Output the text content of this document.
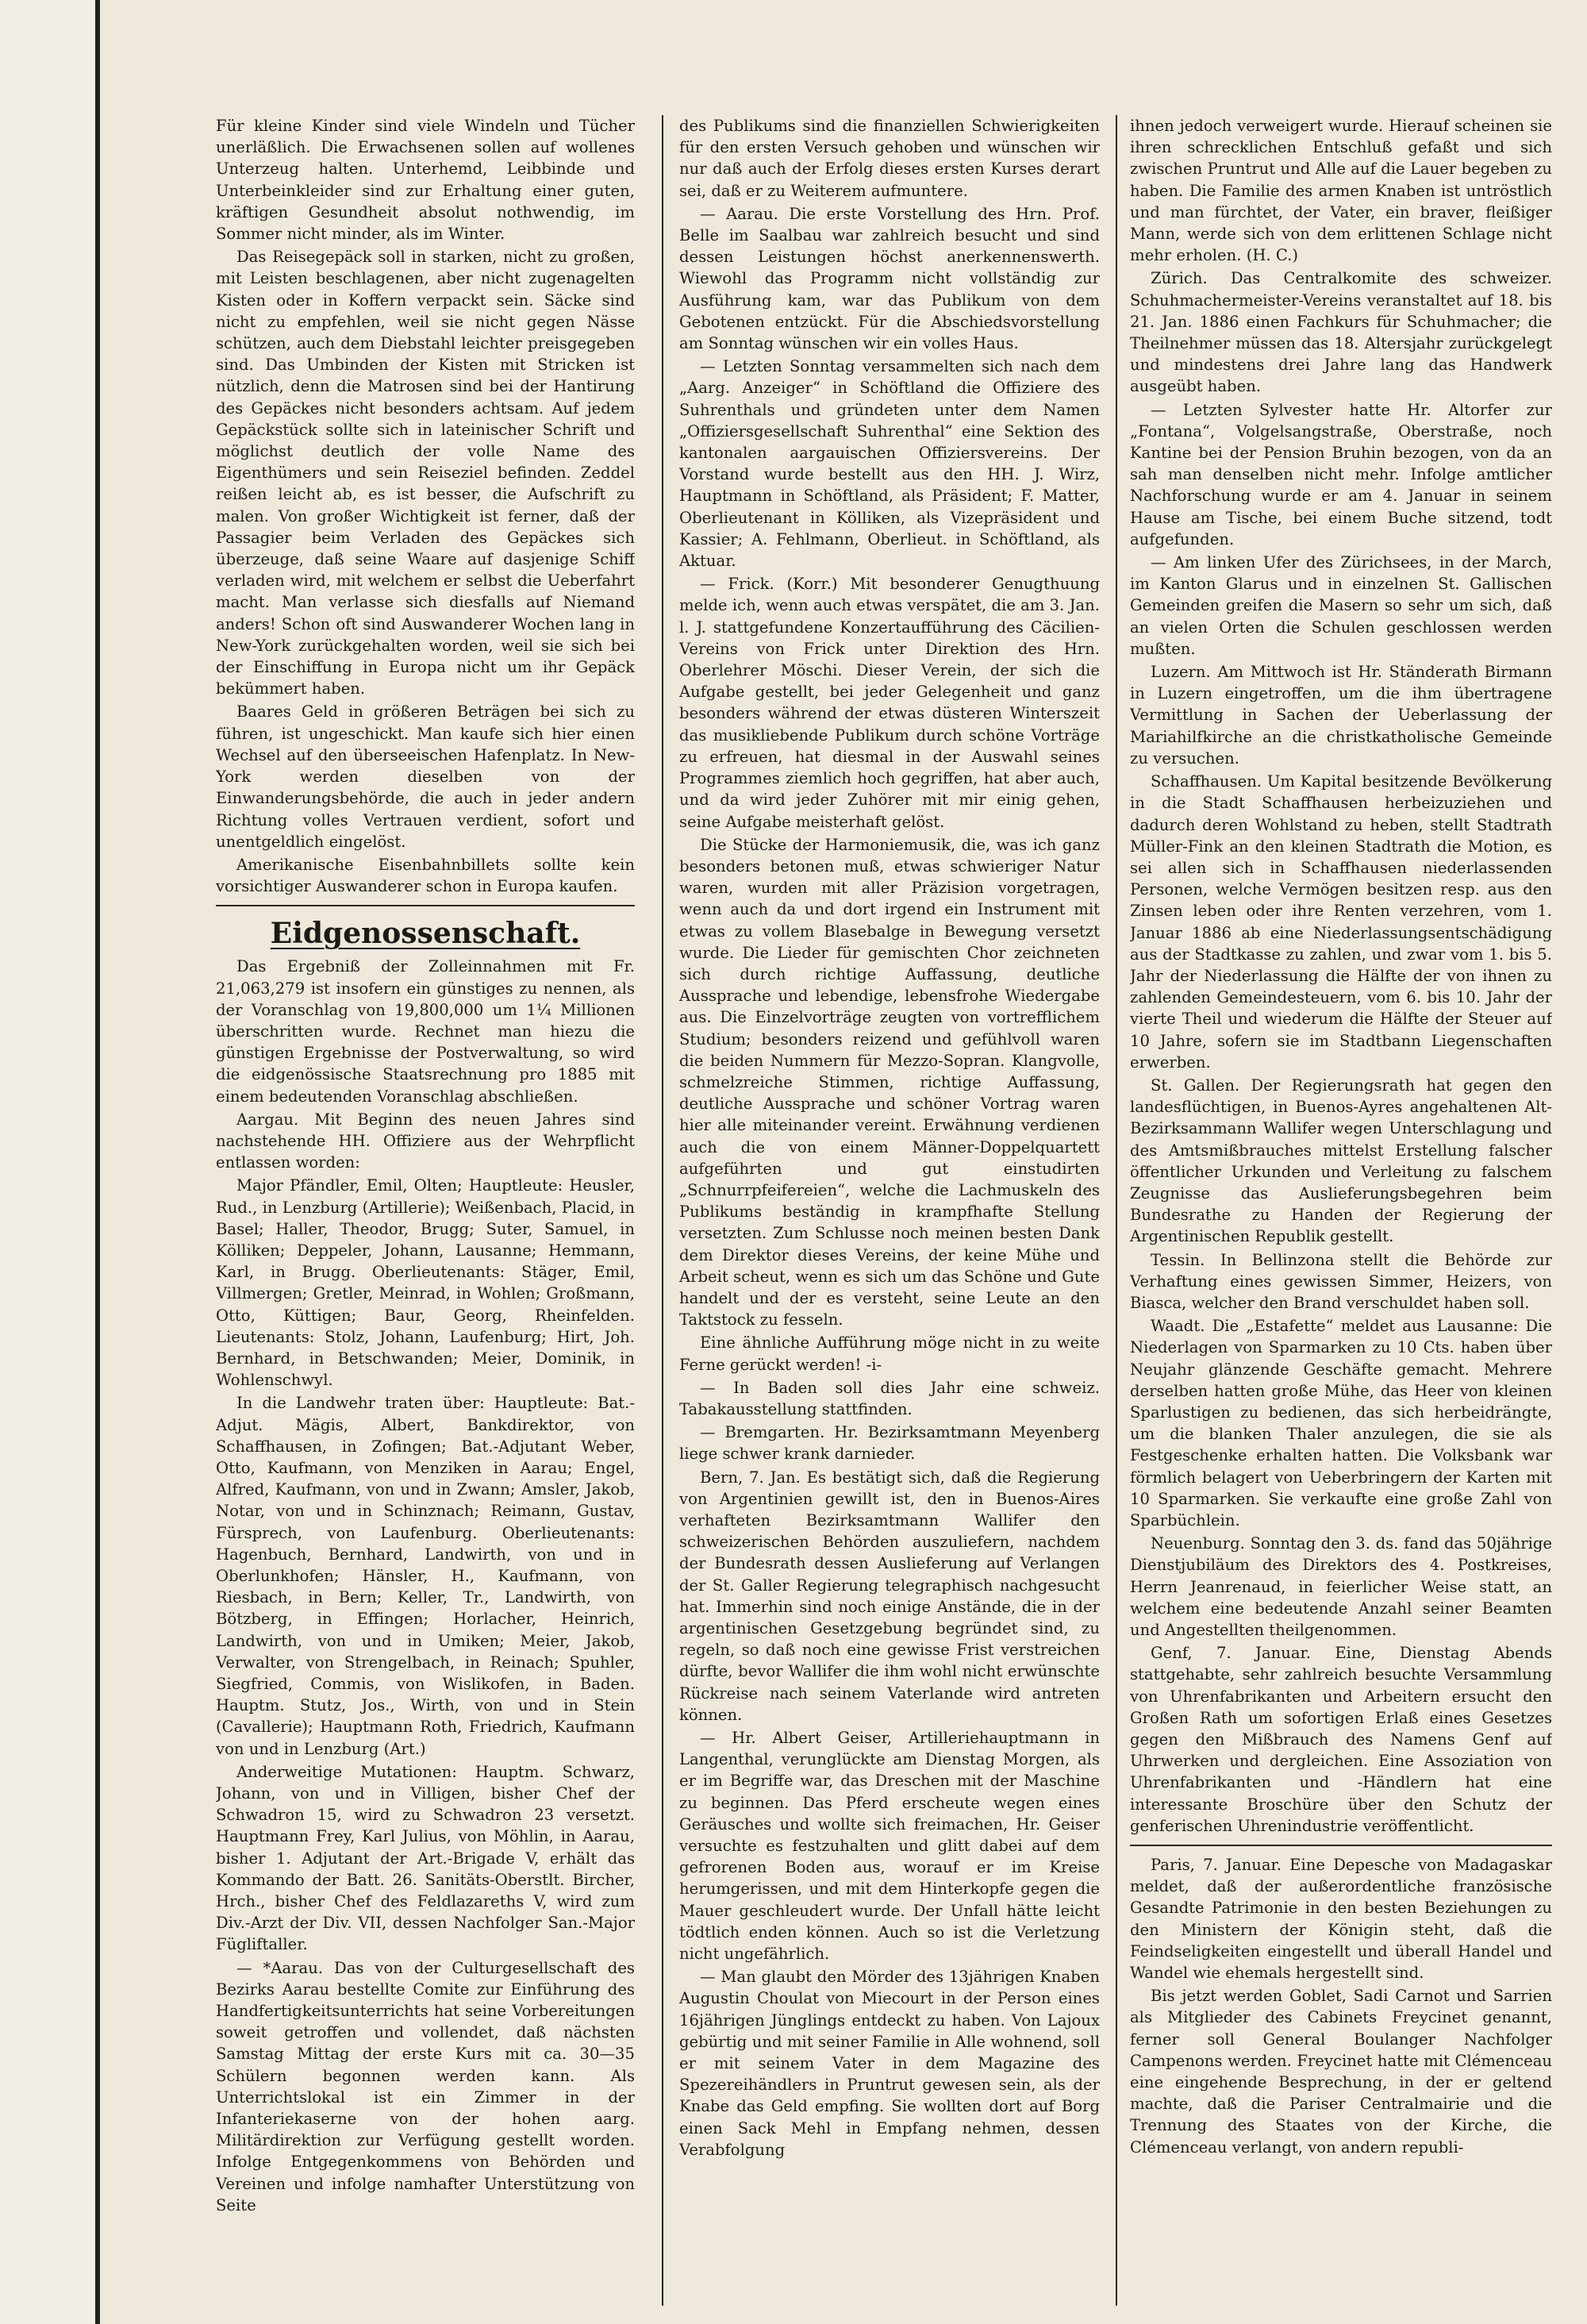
Für kleine Kinder sind viele Windeln und Tücher unerläßlich. Die Erwachsenen sollen auf wollenes Unterzeug halten. Unterhemd, Leibbinde und Unterbeinkleider sind zur Erhaltung einer guten, kräftigen Gesundheit absolut nothwendig, im Sommer nicht minder, als im Winter.

Das Reisegepäck soll in starken, nicht zu großen, mit Leisten beschlagenen, aber nicht zugenagelten Kisten oder in Koffern verpackt sein. Säcke sind nicht zu empfehlen, weil sie nicht gegen Nässe schützen, auch dem Diebstahl leichter preisgegeben sind. Das Umbinden der Kisten mit Stricken ist nützlich, denn die Matrosen sind bei der Hantirung des Gepäckes nicht besonders achtsam. Auf jedem Gepäckstück sollte sich in lateinischer Schrift und möglichst deutlich der volle Name des Eigenthümers und sein Reiseziel befinden. Zeddel reißen leicht ab, es ist besser, die Aufschrift zu malen. Von großer Wichtigkeit ist ferner, daß der Passagier beim Verladen des Gepäckes sich überzeuge, daß seine Waare auf dasjenige Schiff verladen wird, mit welchem er selbst die Ueberfahrt macht. Man verlasse sich diesfalls auf Niemand anders! Schon oft sind Auswanderer Wochen lang in New-York zurückgehalten worden, weil sie sich bei der Einschiffung in Europa nicht um ihr Gepäck bekümmert haben.

Baares Geld in größeren Beträgen bei sich zu führen, ist ungeschickt. Man kaufe sich hier einen Wechsel auf den überseeischen Hafenplatz. In New-York werden dieselben von der Einwanderungsbehörde, die auch in jeder andern Richtung volles Vertrauen verdient, sofort und unentgeldlich eingelöst.

Amerikanische Eisenbahnbillets sollte kein vorsichtiger Auswanderer schon in Europa kaufen.

Eidgenossenschaft.

Das Ergebniß der Zolleinnahmen mit Fr. 21,063,279 ist insofern ein günstiges zu nennen, als der Voranschlag von 19,800,000 um 1¼ Millionen überschritten wurde. Rechnet man hiezu die günstigen Ergebnisse der Postverwaltung, so wird die eidgenössische Staatsrechnung pro 1885 mit einem bedeutenden Voranschlag abschließen.

Aargau. Mit Beginn des neuen Jahres sind nachstehende HH. Offiziere aus der Wehrpflicht entlassen worden:

Major Pfändler, Emil, Olten; Hauptleute: Heusler, Rud., in Lenzburg (Artillerie); Weißenbach, Placid, in Basel; Haller, Theodor, Brugg; Suter, Samuel, in Kölliken; Deppeler, Johann, Lausanne; Hemmann, Karl, in Brugg. Oberlieutenants: Stäger, Emil, Villmergen; Gretler, Meinrad, in Wohlen; Großmann, Otto, Küttigen; Baur, Georg, Rheinfelden. Lieutenants: Stolz, Johann, Laufenburg; Hirt, Joh. Bernhard, in Betschwanden; Meier, Dominik, in Wohlenschwyl.

In die Landwehr traten über: Hauptleute: Bat.-Adjut. Mägis, Albert, Bankdirektor, von Schaffhausen, in Zofingen; Bat.-Adjutant Weber, Otto, Kaufmann, von Menziken in Aarau; Engel, Alfred, Kaufmann, von und in Zwann; Amsler, Jakob, Notar, von und in Schinznach; Reimann, Gustav, Fürsprech, von Laufenburg. Oberlieutenants: Hagenbuch, Bernhard, Landwirth, von und in Oberlunkhofen; Hänsler, H., Kaufmann, von Riesbach, in Bern; Keller, Tr., Landwirth, von Bötzberg, in Effingen; Horlacher, Heinrich, Landwirth, von und in Umiken; Meier, Jakob, Verwalter, von Strengelbach, in Reinach; Spuhler, Siegfried, Commis, von Wislikofen, in Baden. Hauptm. Stutz, Jos., Wirth, von und in Stein (Cavallerie); Hauptmann Roth, Friedrich, Kaufmann von und in Lenzburg (Art.)

Anderweitige Mutationen: Hauptm. Schwarz, Johann, von und in Villigen, bisher Chef der Schwadron 15, wird zu Schwadron 23 versetzt. Hauptmann Frey, Karl Julius, von Möhlin, in Aarau, bisher 1. Adjutant der Art.-Brigade V, erhält das Kommando der Batt. 26. Sanitäts-Oberstlt. Bircher, Hrch., bisher Chef des Feldlazareths V, wird zum Div.-Arzt der Div. VII, dessen Nachfolger San.-Major Fügliftaller.

— *Aarau. Das von der Culturgesellschaft des Bezirks Aarau bestellte Comite zur Einführung des Handfertigkeitsunterrichts hat seine Vorbereitungen soweit getroffen und vollendet, daß nächsten Samstag Mittag der erste Kurs mit ca. 30—35 Schülern begonnen werden kann. Als Unterrichtslokal ist ein Zimmer in der Infanteriekaserne von der hohen aarg. Militärdirektion zur Verfügung gestellt worden. Infolge Entgegenkommens von Behörden und Vereinen und infolge namhafter Unterstützung von Seite

des Publikums sind die finanziellen Schwierigkeiten für den ersten Versuch gehoben und wünschen wir nur daß auch der Erfolg dieses ersten Kurses derart sei, daß er zu Weiterem aufmuntere.

— Aarau. Die erste Vorstellung des Hrn. Prof. Belle im Saalbau war zahlreich besucht und sind dessen Leistungen höchst anerkennenswerth. Wiewohl das Programm nicht vollständig zur Ausführung kam, war das Publikum von dem Gebotenen entzückt. Für die Abschiedsvorstellung am Sonntag wünschen wir ein volles Haus.

— Letzten Sonntag versammelten sich nach dem „Aarg. Anzeiger“ in Schöftland die Offiziere des Suhrenthals und gründeten unter dem Namen „Offiziersgesellschaft Suhrenthal“ eine Sektion des kantonalen aargauischen Offiziersvereins. Der Vorstand wurde bestellt aus den HH. J. Wirz, Hauptmann in Schöftland, als Präsident; F. Matter, Oberlieutenant in Kölliken, als Vizepräsident und Kassier; A. Fehlmann, Oberlieut. in Schöftland, als Aktuar.

— Frick. (Korr.) Mit besonderer Genugthuung melde ich, wenn auch etwas verspätet, die am 3. Jan. l. J. stattgefundene Konzertaufführung des Cäcilien-Vereins von Frick unter Direktion des Hrn. Oberlehrer Möschi. Dieser Verein, der sich die Aufgabe gestellt, bei jeder Gelegenheit und ganz besonders während der etwas düsteren Winterszeit das musikliebende Publikum durch schöne Vorträge zu erfreuen, hat diesmal in der Auswahl seines Programmes ziemlich hoch gegriffen, hat aber auch, und da wird jeder Zuhörer mit mir einig gehen, seine Aufgabe meisterhaft gelöst.

Die Stücke der Harmoniemusik, die, was ich ganz besonders betonen muß, etwas schwieriger Natur waren, wurden mit aller Präzision vorgetragen, wenn auch da und dort irgend ein Instrument mit etwas zu vollem Blasebalge in Bewegung versetzt wurde. Die Lieder für gemischten Chor zeichneten sich durch richtige Auffassung, deutliche Aussprache und lebendige, lebensfrohe Wiedergabe aus. Die Einzelvorträge zeugten von vortrefflichem Studium; besonders reizend und gefühlvoll waren die beiden Nummern für Mezzo-Sopran. Klangvolle, schmelzreiche Stimmen, richtige Auffassung, deutliche Aussprache und schöner Vortrag waren hier alle miteinander vereint. Erwähnung verdienen auch die von einem Männer-Doppelquartett aufgeführten und gut einstudirten „Schnurrpfeifereien“, welche die Lachmuskeln des Publikums beständig in krampfhafte Stellung versetzten. Zum Schlusse noch meinen besten Dank dem Direktor dieses Vereins, der keine Mühe und Arbeit scheut, wenn es sich um das Schöne und Gute handelt und der es versteht, seine Leute an den Taktstock zu fesseln.

Eine ähnliche Aufführung möge nicht in zu weite Ferne gerückt werden! -i-

— In Baden soll dies Jahr eine schweiz. Tabakausstellung stattfinden.

— Bremgarten. Hr. Bezirksamtmann Meyenberg liege schwer krank darnieder.

Bern, 7. Jan. Es bestätigt sich, daß die Regierung von Argentinien gewillt ist, den in Buenos-Aires verhafteten Bezirksamtmann Wallifer den schweizerischen Behörden auszuliefern, nachdem der Bundesrath dessen Auslieferung auf Verlangen der St. Galler Regierung telegraphisch nachgesucht hat. Immerhin sind noch einige Anstände, die in der argentinischen Gesetzgebung begründet sind, zu regeln, so daß noch eine gewisse Frist verstreichen dürfte, bevor Wallifer die ihm wohl nicht erwünschte Rückreise nach seinem Vaterlande wird antreten können.

— Hr. Albert Geiser, Artilleriehauptmann in Langenthal, verunglückte am Dienstag Morgen, als er im Begriffe war, das Dreschen mit der Maschine zu beginnen. Das Pferd erscheute wegen eines Geräusches und wollte sich freimachen, Hr. Geiser versuchte es festzuhalten und glitt dabei auf dem gefrorenen Boden aus, worauf er im Kreise herumgerissen, und mit dem Hinterkopfe gegen die Mauer geschleudert wurde. Der Unfall hätte leicht tödtlich enden können. Auch so ist die Verletzung nicht ungefährlich.

— Man glaubt den Mörder des 13jährigen Knaben Augustin Choulat von Miecourt in der Person eines 16jährigen Jünglings entdeckt zu haben. Von Lajoux gebürtig und mit seiner Familie in Alle wohnend, soll er mit seinem Vater in dem Magazine des Spezereihändlers in Pruntrut gewesen sein, als der Knabe das Geld empfing. Sie wollten dort auf Borg einen Sack Mehl in Empfang nehmen, dessen Verabfolgung

ihnen jedoch verweigert wurde. Hierauf scheinen sie ihren schrecklichen Entschluß gefaßt und sich zwischen Pruntrut und Alle auf die Lauer begeben zu haben. Die Familie des armen Knaben ist untröstlich und man fürchtet, der Vater, ein braver, fleißiger Mann, werde sich von dem erlittenen Schlage nicht mehr erholen. (H. C.)

Zürich. Das Centralkomite des schweizer. Schuhmachermeister-Vereins veranstaltet auf 18. bis 21. Jan. 1886 einen Fachkurs für Schuhmacher; die Theilnehmer müssen das 18. Altersjahr zurückgelegt und mindestens drei Jahre lang das Handwerk ausgeübt haben.

— Letzten Sylvester hatte Hr. Altorfer zur „Fontana“, Volgelsangstraße, Oberstraße, noch Kantine bei der Pension Bruhin bezogen, von da an sah man denselben nicht mehr. Infolge amtlicher Nachforschung wurde er am 4. Januar in seinem Hause am Tische, bei einem Buche sitzend, todt aufgefunden.

— Am linken Ufer des Zürichsees, in der March, im Kanton Glarus und in einzelnen St. Gallischen Gemeinden greifen die Masern so sehr um sich, daß an vielen Orten die Schulen geschlossen werden mußten.

Luzern. Am Mittwoch ist Hr. Ständerath Birmann in Luzern eingetroffen, um die ihm übertragene Vermittlung in Sachen der Ueberlassung der Mariahilfkirche an die christkatholische Gemeinde zu versuchen.

Schaffhausen. Um Kapital besitzende Bevölkerung in die Stadt Schaffhausen herbeizuziehen und dadurch deren Wohlstand zu heben, stellt Stadtrath Müller-Fink an den kleinen Stadtrath die Motion, es sei allen sich in Schaffhausen niederlassenden Personen, welche Vermögen besitzen resp. aus den Zinsen leben oder ihre Renten verzehren, vom 1. Januar 1886 ab eine Niederlassungsentschädigung aus der Stadtkasse zu zahlen, und zwar vom 1. bis 5. Jahr der Niederlassung die Hälfte der von ihnen zu zahlenden Gemeindesteuern, vom 6. bis 10. Jahr der vierte Theil und wiederum die Hälfte der Steuer auf 10 Jahre, sofern sie im Stadtbann Liegenschaften erwerben.

St. Gallen. Der Regierungsrath hat gegen den landesflüchtigen, in Buenos-Ayres angehaltenen Alt-Bezirksammann Wallifer wegen Unterschlagung und des Amtsmißbrauches mittelst Erstellung falscher öffentlicher Urkunden und Verleitung zu falschem Zeugnisse das Auslieferungsbegehren beim Bundesrathe zu Handen der Regierung der Argentinischen Republik gestellt.

Tessin. In Bellinzona stellt die Behörde zur Verhaftung eines gewissen Simmer, Heizers, von Biasca, welcher den Brand verschuldet haben soll.

Waadt. Die „Estafette“ meldet aus Lausanne: Die Niederlagen von Sparmarken zu 10 Cts. haben über Neujahr glänzende Geschäfte gemacht. Mehrere derselben hatten große Mühe, das Heer von kleinen Sparlustigen zu bedienen, das sich herbeidrängte, um die blanken Thaler anzulegen, die sie als Festgeschenke erhalten hatten. Die Volksbank war förmlich belagert von Ueberbringern der Karten mit 10 Sparmarken. Sie verkaufte eine große Zahl von Sparbüchlein.

Neuenburg. Sonntag den 3. ds. fand das 50jährige Dienstjubiläum des Direktors des 4. Postkreises, Herrn Jeanrenaud, in feierlicher Weise statt, an welchem eine bedeutende Anzahl seiner Beamten und Angestellten theilgenommen.

Genf, 7. Januar. Eine, Dienstag Abends stattgehabte, sehr zahlreich besuchte Versammlung von Uhrenfabrikanten und Arbeitern ersucht den Großen Rath um sofortigen Erlaß eines Gesetzes gegen den Mißbrauch des Namens Genf auf Uhrwerken und dergleichen. Eine Assoziation von Uhrenfabrikanten und -Händlern hat eine interessante Broschüre über den Schutz der genferischen Uhrenindustrie veröffentlicht.

Paris, 7. Januar. Eine Depesche von Madagaskar meldet, daß der außerordentliche französische Gesandte Patrimonie in den besten Beziehungen zu den Ministern der Königin steht, daß die Feindseligkeiten eingestellt und überall Handel und Wandel wie ehemals hergestellt sind.

Bis jetzt werden Goblet, Sadi Carnot und Sarrien als Mitglieder des Cabinets Freycinet genannt, ferner soll General Boulanger Nachfolger Campenons werden. Freycinet hatte mit Clémenceau eine eingehende Besprechung, in der er geltend machte, daß die Pariser Centralmairie und die Trennung des Staates von der Kirche, die Clémenceau verlangt, von andern republi-
